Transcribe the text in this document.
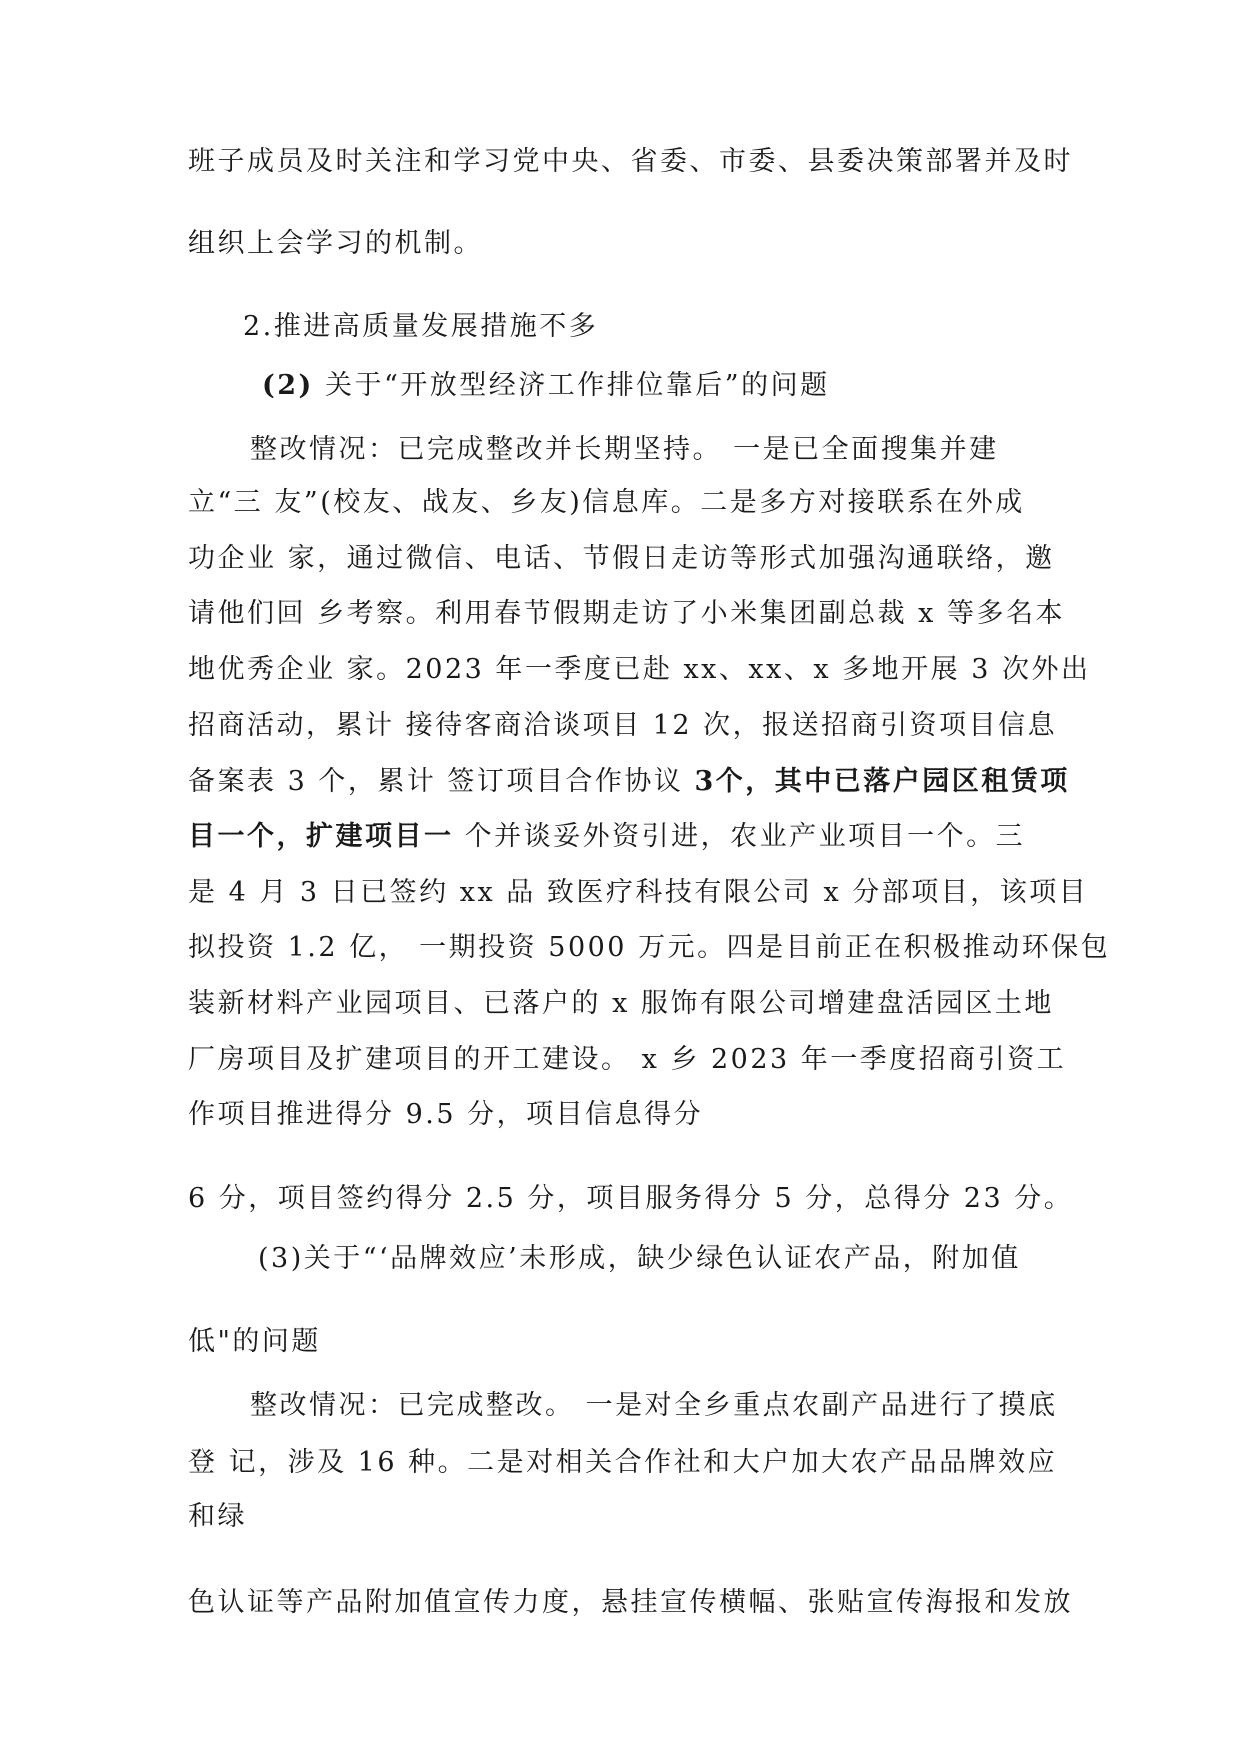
班子成员及时关注和学习党中央、省委、市委、县委决策部署并及时
组织上会学习的机制。
2.推进高质量发展措施不多
(2) 关于“开放型经济工作排位靠后”的问题
整改情况：已完成整改并长期坚持。 一是已全面搜集并建
立“三 友”(校友、战友、乡友)信息库。二是多方对接联系在外成
功企业 家，通过微信、电话、节假日走访等形式加强沟通联络，邀
请他们回 乡考察。利用春节假期走访了小米集团副总裁 x 等多名本
地优秀企业 家。2023 年一季度已赴 xx、xx、x 多地开展 3 次外出
招商活动，累计 接待客商洽谈项目 12 次，报送招商引资项目信息
备案表 3 个，累计 签订项目合作协议 3个，其中已落户园区租赁项
目一个，扩建项目一 个并谈妥外资引进，农业产业项目一个。三
是 4 月 3 日已签约 xx 品 致医疗科技有限公司 x 分部项目，该项目
拟投资 1.2 亿， 一期投资 5000 万元。四是目前正在积极推动环保包
装新材料产业园项目、已落户的 x 服饰有限公司增建盘活园区土地
厂房项目及扩建项目的开工建设。 x 乡 2023 年一季度招商引资工
作项目推进得分 9.5 分，项目信息得分
6 分，项目签约得分 2.5 分，项目服务得分 5 分，总得分 23 分。
(3)关于“‘品牌效应’未形成，缺少绿色认证农产品，附加值
低"的问题
整改情况：已完成整改。 一是对全乡重点农副产品进行了摸底
登 记，涉及 16 种。二是对相关合作社和大户加大农产品品牌效应
和绿
色认证等产品附加值宣传力度，悬挂宣传横幅、张贴宣传海报和发放
